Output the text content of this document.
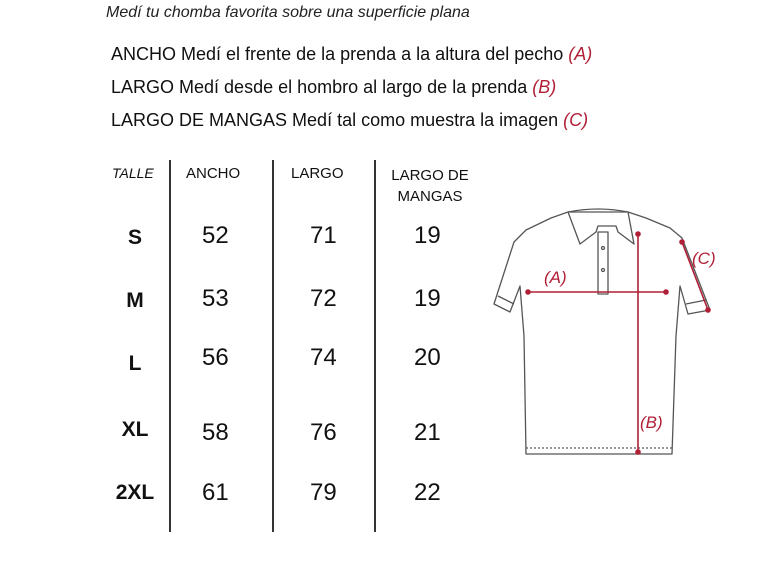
Medí tu chomba favorita sobre una superficie plana
ANCHO Medí el frente de la prenda a la altura del pecho (A)
LARGO Medí desde el hombro al largo de la prenda (B)
LARGO DE MANGAS Medí tal como muestra la imagen (C)
TALLE ANCHO	LARGO	LARGO DE
MANGAS
S	52	71	19
M	53	72	19
L	56	74	20
XL	58	76	21
2XL 61	79	22
(A)
(B)
(C)
